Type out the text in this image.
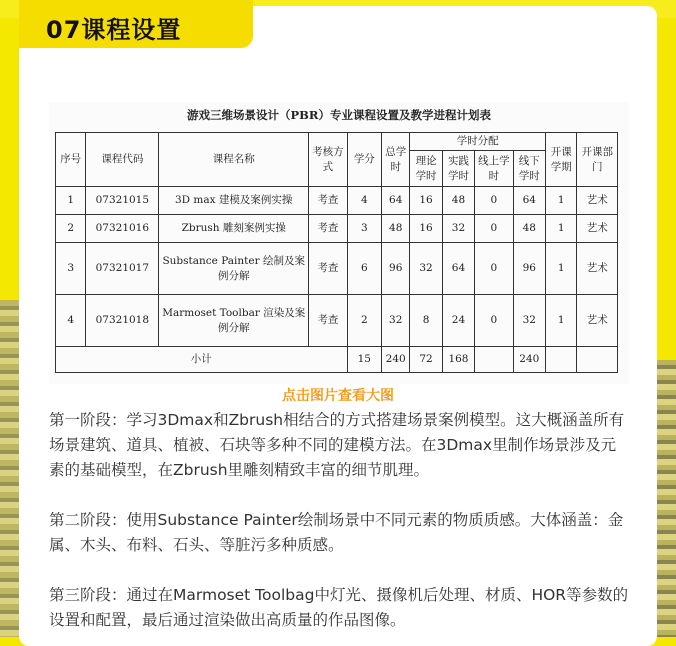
07课程设置
游戏三维场景设计（PBR）专业课程设置及教学进程计划表
序号	课程代码	课程名称	考核方式	学分	总学时	学时分配				开课学期	开课部门
						理论学时	实践学时	线上学时	线下学时		
1	07321015	3D max 建模及案例实操	考查	4	64	16	48	0	64	1	艺术
2	07321016	Zbrush 雕刻案例实操	考查	3	48	16	32	0	48	1	艺术
3	07321017	Substance Painter 绘制及案例分解	考查	6	96	32	64	0	96	1	艺术
4	07321018	Marmoset Toolbar 渲染及案例分解	考查	2	32	8	24	0	32	1	艺术
小计				15	240	72	168		240		
点击图片查看大图
第一阶段：学习3Dmax和Zbrush相结合的方式搭建场景案例模型。这大概涵盖所有场景建筑、道具、植被、石块等多种不同的建模方法。在3Dmax里制作场景涉及元素的基础模型，在Zbrush里雕刻精致丰富的细节肌理。
第二阶段：使用Substance Painter绘制场景中不同元素的物质质感。大体涵盖：金属、木头、布料、石头、等脏污多种质感。
第三阶段：通过在Marmoset Toolbag中灯光、摄像机后处理、材质、HOR等参数的设置和配置，最后通过渲染做出高质量的作品图像。
